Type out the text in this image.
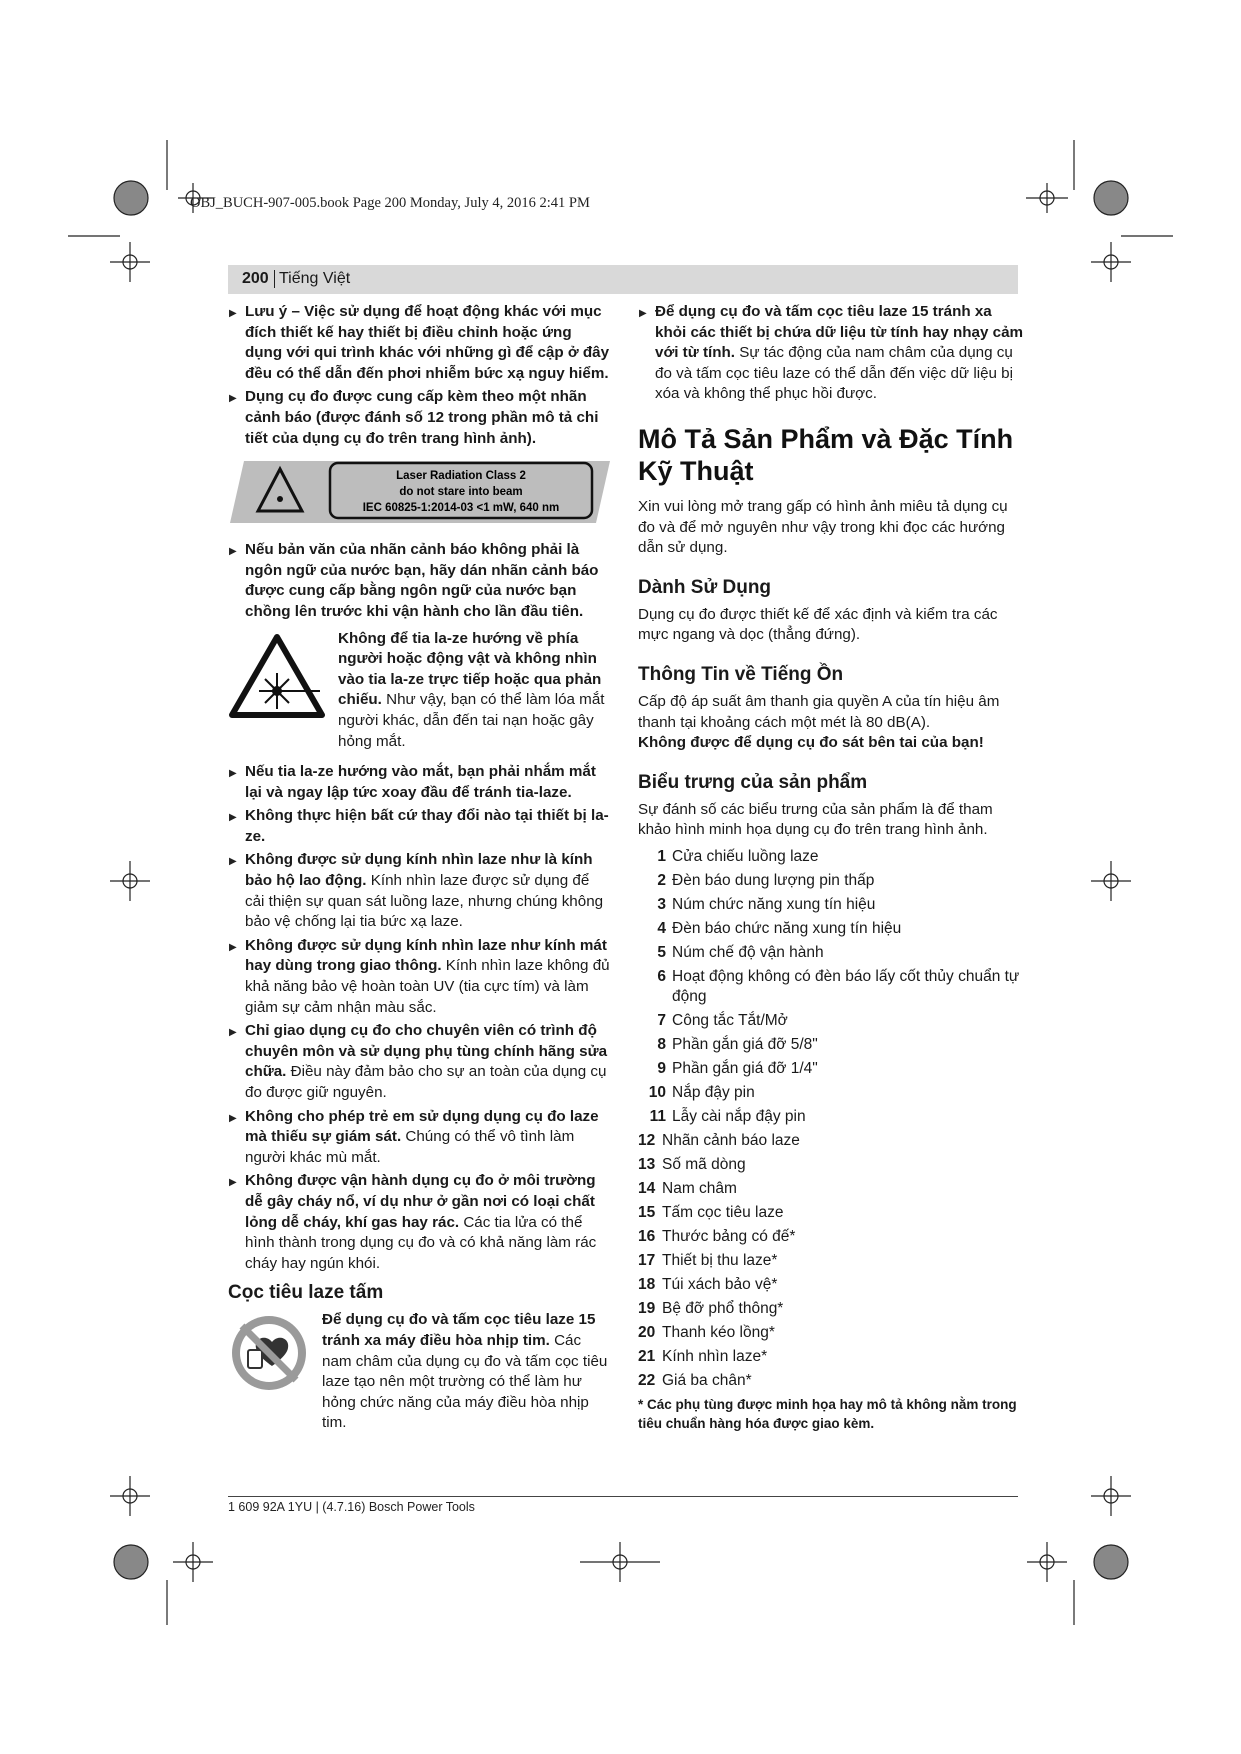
OBJ_BUCH-907-005.book Page 200 Monday, July 4, 2016 2:41 PM
200 Tiếng Việt
▶ Lưu ý – Việc sử dụng để hoạt động khác với mục đích thiết kế hay thiết bị điều chỉnh hoặc ứng dụng với qui trình khác với những gì để cập ở đây đều có thể dẫn đến phơi nhiễm bức xạ nguy hiểm.
▶ Dụng cụ đo được cung cấp kèm theo một nhãn cảnh báo (được đánh số 12 trong phần mô tả chi tiết của dụng cụ đo trên trang hình ảnh).
Laser Radiation Class 2
do not stare into beam
IEC 60825-1:2014-03 <1 mW, 640 nm
▶ Nếu bản văn của nhãn cảnh báo không phải là ngôn ngữ của nước bạn, hãy dán nhãn cảnh báo được cung cấp bằng ngôn ngữ của nước bạn chồng lên trước khi vận hành cho lần đầu tiên.
Không để tia la-ze hướng về phía người hoặc động vật và không nhìn vào tia la-ze trực tiếp hoặc qua phản chiếu. Như vậy, bạn có thể làm lóa mắt người khác, dẫn đến tai nạn hoặc gây hỏng mắt.
▶ Nếu tia la-ze hướng vào mắt, bạn phải nhắm mắt lại và ngay lập tức xoay đầu để tránh tia-laze.
▶ Không thực hiện bất cứ thay đổi nào tại thiết bị la-ze.
▶ Không được sử dụng kính nhìn laze như là kính bảo hộ lao động. Kính nhìn laze được sử dụng để cải thiện sự quan sát luồng laze, nhưng chúng không bảo vệ chống lại tia bức xạ laze.
▶ Không được sử dụng kính nhìn laze như kính mát hay dùng trong giao thông. Kính nhìn laze không đủ khả năng bảo vệ hoàn toàn UV (tia cực tím) và làm giảm sự cảm nhận màu sắc.
▶ Chỉ giao dụng cụ đo cho chuyên viên có trình độ chuyên môn và sử dụng phụ tùng chính hãng sửa chữa. Điều này đảm bảo cho sự an toàn của dụng cụ đo được giữ nguyên.
▶ Không cho phép trẻ em sử dụng dụng cụ đo laze mà thiếu sự giám sát. Chúng có thể vô tình làm người khác mù mắt.
▶ Không được vận hành dụng cụ đo ở môi trường dễ gây cháy nổ, ví dụ như ở gần nơi có loại chất lỏng dễ cháy, khí gas hay rác. Các tia lửa có thể hình thành trong dụng cụ đo và có khả năng làm rác cháy hay ngún khói.
Cọc tiêu laze tấm
Để dụng cụ đo và tấm cọc tiêu laze 15 tránh xa máy điều hòa nhịp tim. Các nam châm của dụng cụ đo và tấm cọc tiêu laze tạo nên một trường có thể làm hư hỏng chức năng của máy điều hòa nhịp tim.
▶ Để dụng cụ đo và tấm cọc tiêu laze 15 tránh xa khỏi các thiết bị chứa dữ liệu từ tính hay nhạy cảm với từ tính. Sự tác động của nam châm của dụng cụ đo và tấm cọc tiêu laze có thể dẫn đến việc dữ liệu bị xóa và không thể phục hồi được.
Mô Tả Sản Phẩm và Đặc Tính Kỹ Thuật
Xin vui lòng mở trang gấp có hình ảnh miêu tả dụng cụ đo và để mở nguyên như vậy trong khi đọc các hướng dẫn sử dụng.
Dành Sử Dụng
Dụng cụ đo được thiết kế để xác định và kiểm tra các mực ngang và dọc (thẳng đứng).
Thông Tin về Tiếng Ồn
Cấp độ áp suất âm thanh gia quyền A của tín hiệu âm thanh tại khoảng cách một mét là 80 dB(A).
Không được để dụng cụ đo sát bên tai của bạn!
Biểu trưng của sản phẩm
Sự đánh số các biểu trưng của sản phẩm là để tham khảo hình minh họa dụng cụ đo trên trang hình ảnh.
1 Cửa chiếu luồng laze
2 Đèn báo dung lượng pin thấp
3 Núm chức năng xung tín hiệu
4 Đèn báo chức năng xung tín hiệu
5 Núm chế độ vận hành
6 Hoạt động không có đèn báo lấy cốt thủy chuẩn tự động
7 Công tắc Tắt/Mở
8 Phần gắn giá đỡ 5/8"
9 Phần gắn giá đỡ 1/4"
10 Nắp đậy pin
11 Lẫy cài nắp đậy pin
12 Nhãn cảnh báo laze
13 Số mã dòng
14 Nam châm
15 Tấm cọc tiêu laze
16 Thước bảng có đế*
17 Thiết bị thu laze*
18 Túi xách bảo vệ*
19 Bệ đỡ phổ thông*
20 Thanh kéo lồng*
21 Kính nhìn laze*
22 Giá ba chân*
* Các phụ tùng được minh họa hay mô tả không nằm trong tiêu chuẩn hàng hóa được giao kèm.
1 609 92A 1YU | (4.7.16) Bosch Power Tools
